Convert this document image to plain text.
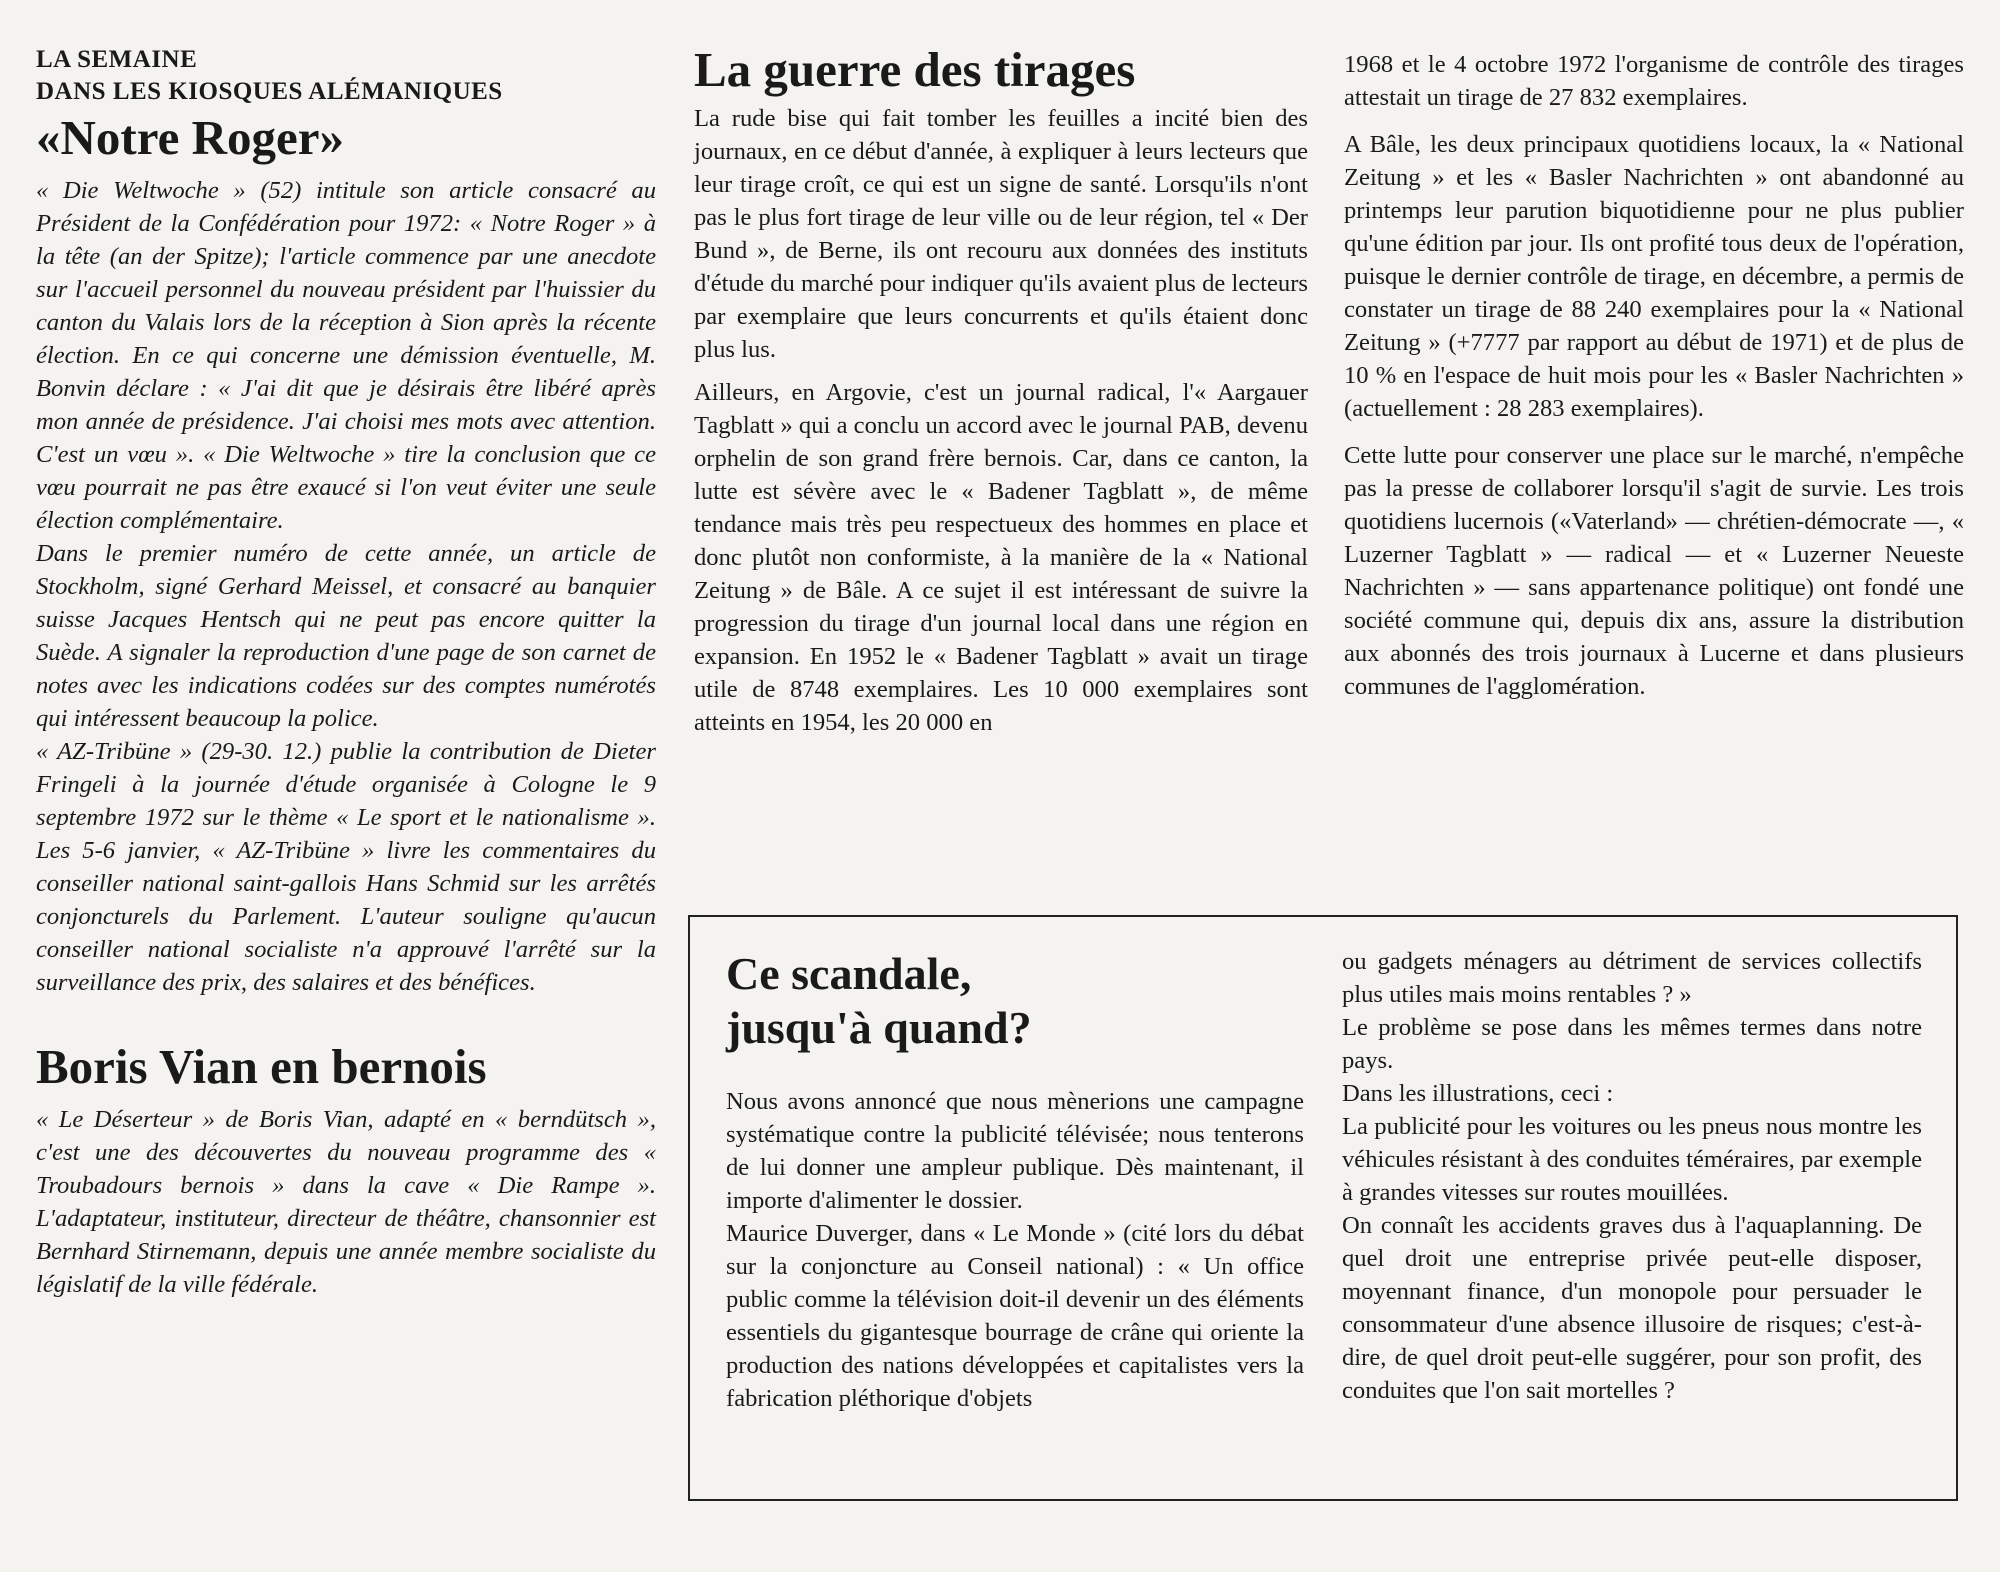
LA SEMAINE
DANS LES KIOSQUES ALÉMANIQUES
«Notre Roger»

« Die Weltwoche » (52) intitule son article consacré au Président de la Confédération pour 1972: « Notre Roger » à la tête (an der Spitze); l'article commence par une anecdote sur l'accueil personnel du nouveau président par l'huissier du canton du Valais lors de la réception à Sion après la récente élection. En ce qui concerne une démission éventuelle, M. Bonvin déclare : « J'ai dit que je désirais être libéré après mon année de présidence. J'ai choisi mes mots avec attention. C'est un vœu ». « Die Weltwoche » tire la conclusion que ce vœu pourrait ne pas être exaucé si l'on veut éviter une seule élection complémentaire.

Dans le premier numéro de cette année, un article de Stockholm, signé Gerhard Meissel, et consacré au banquier suisse Jacques Hentsch qui ne peut pas encore quitter la Suède. A signaler la reproduction d'une page de son carnet de notes avec les indications codées sur des comptes numérotés qui intéressent beaucoup la police.

« AZ-Tribüne » (29-30. 12.) publie la contribution de Dieter Fringeli à la journée d'étude organisée à Cologne le 9 septembre 1972 sur le thème « Le sport et le nationalisme ». Les 5-6 janvier, « AZ-Tribüne » livre les commentaires du conseiller national saint-gallois Hans Schmid sur les arrêtés conjoncturels du Parlement. L'auteur souligne qu'aucun conseiller national socialiste n'a approuvé l'arrêté sur la surveillance des prix, des salaires et des bénéfices.

Boris Vian en bernois

« Le Déserteur » de Boris Vian, adapté en « berndütsch », c'est une des découvertes du nouveau programme des « Troubadours bernois » dans la cave « Die Rampe ». L'adaptateur, instituteur, directeur de théâtre, chansonnier est Bernhard Stirnemann, depuis une année membre socialiste du législatif de la ville fédérale.

La guerre des tirages

La rude bise qui fait tomber les feuilles a incité bien des journaux, en ce début d'année, à expliquer à leurs lecteurs que leur tirage croît, ce qui est un signe de santé. Lorsqu'ils n'ont pas le plus fort tirage de leur ville ou de leur région, tel « Der Bund », de Berne, ils ont recouru aux données des instituts d'étude du marché pour indiquer qu'ils avaient plus de lecteurs par exemplaire que leurs concurrents et qu'ils étaient donc plus lus.

Ailleurs, en Argovie, c'est un journal radical, l'« Aargauer Tagblatt » qui a conclu un accord avec le journal PAB, devenu orphelin de son grand frère bernois. Car, dans ce canton, la lutte est sévère avec le « Badener Tagblatt », de même tendance mais très peu respectueux des hommes en place et donc plutôt non conformiste, à la manière de la « National Zeitung » de Bâle. A ce sujet il est intéressant de suivre la progression du tirage d'un journal local dans une région en expansion. En 1952 le « Badener Tagblatt » avait un tirage utile de 8748 exemplaires. Les 10 000 exemplaires sont atteints en 1954, les 20 000 en

1968 et le 4 octobre 1972 l'organisme de contrôle des tirages attestait un tirage de 27 832 exemplaires.

A Bâle, les deux principaux quotidiens locaux, la « National Zeitung » et les « Basler Nachrichten » ont abandonné au printemps leur parution biquotidienne pour ne plus publier qu'une édition par jour. Ils ont profité tous deux de l'opération, puisque le dernier contrôle de tirage, en décembre, a permis de constater un tirage de 88 240 exemplaires pour la « National Zeitung » (+7777 par rapport au début de 1971) et de plus de 10 % en l'espace de huit mois pour les « Basler Nachrichten » (actuellement : 28 283 exemplaires).

Cette lutte pour conserver une place sur le marché, n'empêche pas la presse de collaborer lorsqu'il s'agit de survie. Les trois quotidiens lucernois («Vaterland» — chrétien-démocrate —, « Luzerner Tagblatt » — radical — et « Luzerner Neueste Nachrichten » — sans appartenance politique) ont fondé une société commune qui, depuis dix ans, assure la distribution aux abonnés des trois journaux à Lucerne et dans plusieurs communes de l'agglomération.

Ce scandale,
jusqu'à quand?

Nous avons annoncé que nous mènerions une campagne systématique contre la publicité télévisée; nous tenterons de lui donner une ampleur publique. Dès maintenant, il importe d'alimenter le dossier.

Maurice Duverger, dans « Le Monde » (cité lors du débat sur la conjoncture au Conseil national) : « Un office public comme la télévision doit-il devenir un des éléments essentiels du gigantesque bourrage de crâne qui oriente la production des nations développées et capitalistes vers la fabrication pléthorique d'objets

ou gadgets ménagers au détriment de services collectifs plus utiles mais moins rentables ? »

Le problème se pose dans les mêmes termes dans notre pays.

Dans les illustrations, ceci :

La publicité pour les voitures ou les pneus nous montre les véhicules résistant à des conduites téméraires, par exemple à grandes vitesses sur routes mouillées.

On connaît les accidents graves dus à l'aquaplanning. De quel droit une entreprise privée peut-elle disposer, moyennant finance, d'un monopole pour persuader le consommateur d'une absence illusoire de risques; c'est-à-dire, de quel droit peut-elle suggérer, pour son profit, des conduites que l'on sait mortelles ?
